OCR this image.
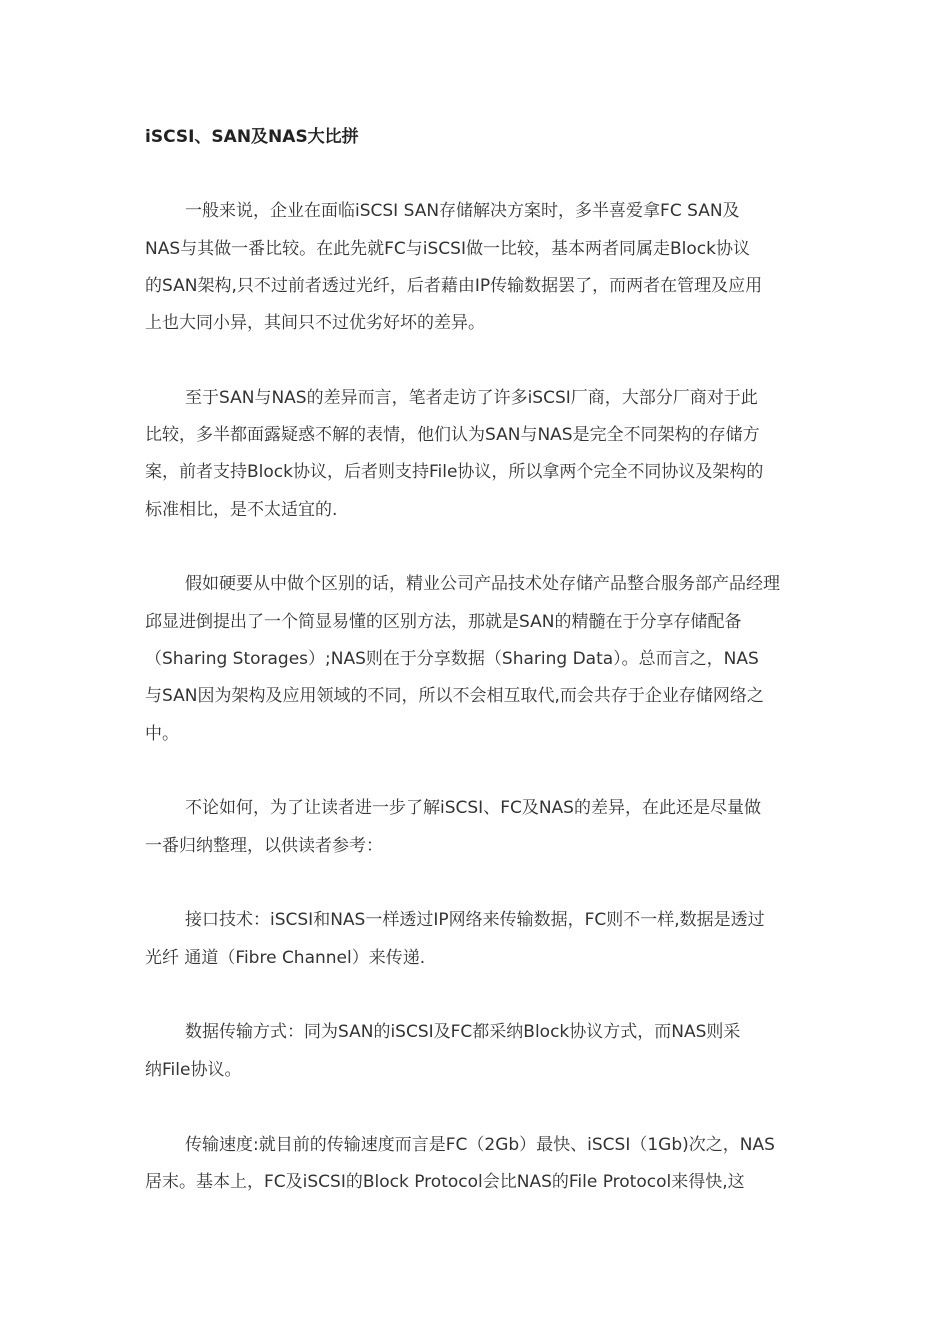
iSCSI、SAN及NAS大比拼
一般来说，企业在面临iSCSI SAN存储解决方案时，多半喜爱拿FC SAN及
NAS与其做一番比较。在此先就FC与iSCSI做一比较，基本两者同属走Block协议
的SAN架构,只不过前者透过光纤，后者藉由IP传输数据罢了，而两者在管理及应用
上也大同小异，其间只不过优劣好坏的差异。
至于SAN与NAS的差异而言，笔者走访了许多iSCSI厂商，大部分厂商对于此
比较，多半都面露疑惑不解的表情，他们认为SAN与NAS是完全不同架构的存储方
案，前者支持Block协议，后者则支持File协议，所以拿两个完全不同协议及架构的
标准相比，是不太适宜的.
假如硬要从中做个区别的话，精业公司产品技术处存储产品整合服务部产品经理
邱显进倒提出了一个简显易懂的区别方法，那就是SAN的精髓在于分享存储配备
（Sharing Storages）;NAS则在于分享数据（Sharing Data）。总而言之，NAS
与SAN因为架构及应用领域的不同，所以不会相互取代,而会共存于企业存储网络之
中。
不论如何，为了让读者进一步了解iSCSI、FC及NAS的差异，在此还是尽量做
一番归纳整理，以供读者参考：
接口技术：iSCSI和NAS一样透过IP网络来传输数据，FC则不一样,数据是透过
光纤 通道（Fibre Channel）来传递.
数据传输方式：同为SAN的iSCSI及FC都采纳Block协议方式，而NAS则采
纳File协议。
传输速度:就目前的传输速度而言是FC（2Gb）最快、iSCSI（1Gb)次之，NAS
居末。基本上，FC及iSCSI的Block Protocol会比NAS的File Protocol来得快,这
